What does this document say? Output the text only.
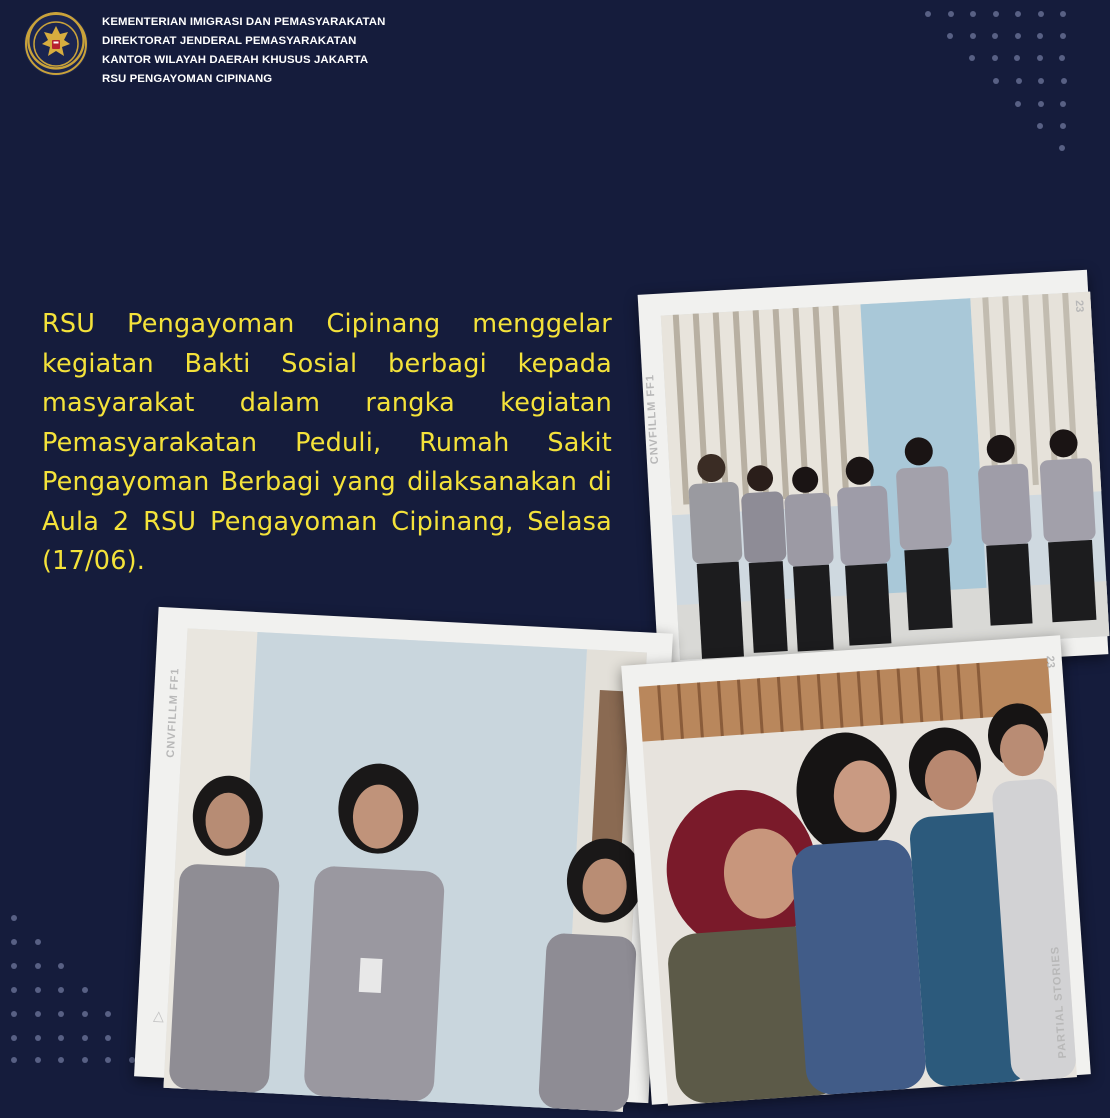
KEMENTERIAN IMIGRASI DAN PEMASYARAKATAN
DIREKTORAT JENDERAL PEMASYARAKATAN
KANTOR WILAYAH DAERAH KHUSUS JAKARTA
RSU PENGAYOMAN CIPINANG
RSU Pengayoman Cipinang menggelar kegiatan Bakti Sosial berbagi kepada masyarakat dalam rangka kegiatan Pemasyarakatan Peduli, Rumah Sakit Pengayoman Berbagi yang dilaksanakan di Aula 2 RSU Pengayoman Cipinang, Selasa (17/06).
CNVFILLM FF1
23
CNVFILLM FF1
△	PARTIAL STORIES
23
